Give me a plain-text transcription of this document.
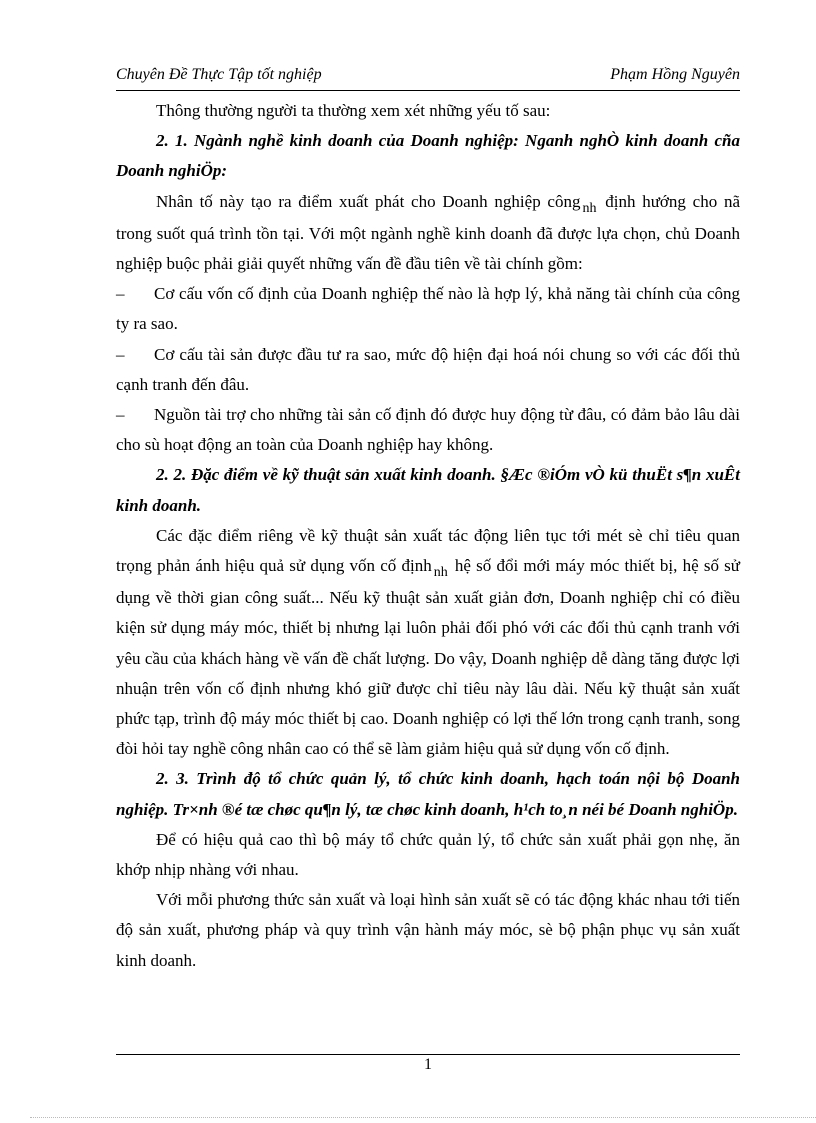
Chuyên Đề Thực Tập tốt nghiệp	Phạm Hồng Nguyên

Thông thường người ta thường xem xét những yếu tố sau:

2. 1. Ngành nghề kinh doanh của Doanh nghiệp: Nganh nghÒ kinh doanh cña Doanh nghiÖp:

Nhân tố này tạo ra điểm xuất phát cho Doanh nghiệp công $_{nh}$ định hướng cho nã trong suốt quá trình tồn tại. Với một ngành nghề kinh doanh đã được lựa chọn, chủ Doanh nghiệp buộc phải giải quyết những vấn đề đầu tiên về tài chính gồm:

–	Cơ cấu vốn cố định của Doanh nghiệp thế nào là hợp lý, khả năng tài chính của công ty ra sao.

–	Cơ cấu tài sản được đầu tư ra sao, mức độ hiện đại hoá nói chung so với các đối thủ cạnh tranh đến đâu.

–	Nguồn tài trợ cho những tài sản cố định đó được huy động từ đâu, có đảm bảo lâu dài cho sù hoạt động an toàn của Doanh nghiệp hay không.

2. 2. Đặc điểm về kỹ thuật sản xuất kinh doanh. §Æc ®iÓm vÒ kü thuËt s¶n xuÊt kinh doanh.

Các đặc điểm riêng về kỹ thuật sản xuất tác động liên tục tới mét sè chỉ tiêu quan trọng phản ánh hiệu quả sử dụng vốn cố định $_{nh}$ hệ số đổi mới máy móc thiết bị, hệ số sử dụng về thời gian công suất... Nếu kỹ thuật sản xuất giản đơn, Doanh nghiệp chỉ có điều kiện sử dụng máy móc, thiết bị nhưng lại luôn phải đối phó với các đối thủ cạnh tranh với yêu cầu của khách hàng về vấn đề chất lượng. Do vậy, Doanh nghiệp dễ dàng tăng được lợi nhuận trên vốn cố định nhưng khó giữ được chỉ tiêu này lâu dài. Nếu kỹ thuật sản xuất phức tạp, trình độ máy móc thiết bị cao. Doanh nghiệp có lợi thế lớn trong cạnh tranh, song đòi hỏi tay nghề công nhân cao có thể sẽ làm giảm hiệu quả sử dụng vốn cố định.

2. 3. Trình độ tổ chức quản lý, tổ chức kinh doanh, hạch toán nội bộ Doanh nghiệp. Tr×nh ®é tæ chøc qu¶n lý, tæ chøc kinh doanh, h¹ch to¸n néi bé Doanh nghiÖp.

Để có hiệu quả cao thì bộ máy tổ chức quản lý, tổ chức sản xuất phải gọn nhẹ, ăn khớp nhịp nhàng với nhau.

Với mỗi phương thức sản xuất và loại hình sản xuất sẽ có tác động khác nhau tới tiến độ sản xuất, phương pháp và quy trình vận hành máy móc, sè bộ phận phục vụ sản xuất kinh doanh.

1
